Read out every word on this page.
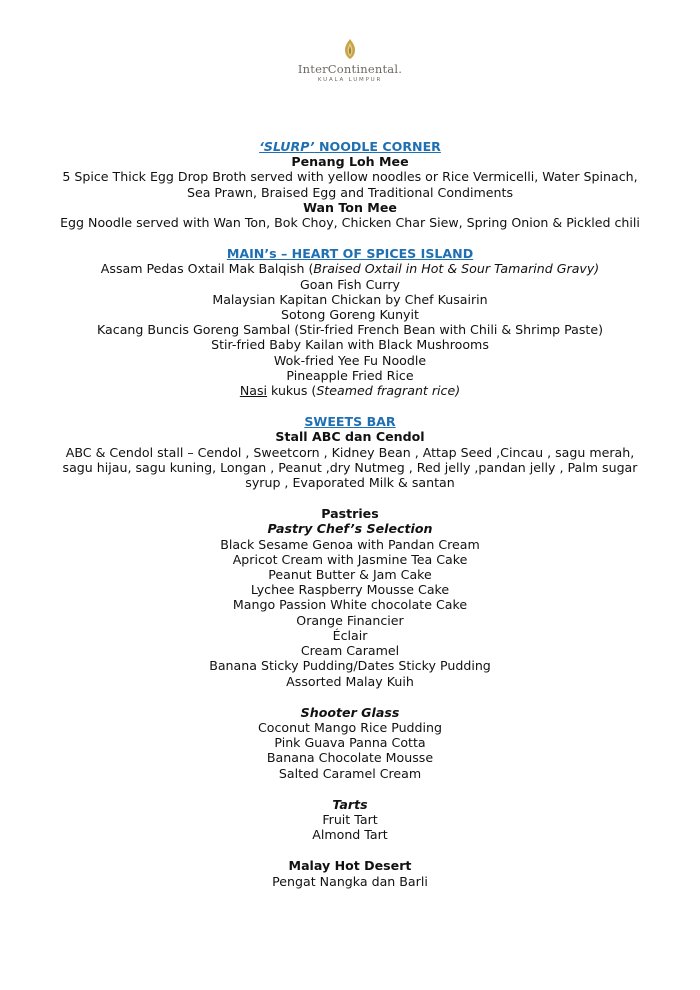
InterContinental.
KUALA LUMPUR
‘SLURP’ NOODLE CORNER
Penang Loh Mee
5 Spice Thick Egg Drop Broth served with yellow noodles or Rice Vermicelli, Water Spinach,
Sea Prawn, Braised Egg and Traditional Condiments
Wan Ton Mee
Egg Noodle served with Wan Ton, Bok Choy, Chicken Char Siew, Spring Onion & Pickled chili
MAIN’s – HEART OF SPICES ISLAND
Assam Pedas Oxtail Mak Balqish (Braised Oxtail in Hot & Sour Tamarind Gravy)
Goan Fish Curry
Malaysian Kapitan Chickan by Chef Kusairin
Sotong Goreng Kunyit
Kacang Buncis Goreng Sambal (Stir-fried French Bean with Chili & Shrimp Paste)
Stir-fried Baby Kailan with Black Mushrooms
Wok-fried Yee Fu Noodle
Pineapple Fried Rice
Nasi kukus (Steamed fragrant rice)
SWEETS BAR
Stall ABC dan Cendol
ABC & Cendol stall – Cendol , Sweetcorn , Kidney Bean , Attap Seed ,Cincau , sagu merah,
sagu hijau, sagu kuning, Longan , Peanut ,dry Nutmeg , Red jelly ,pandan jelly , Palm sugar
syrup , Evaporated Milk & santan
Pastries
Pastry Chef’s Selection
Black Sesame Genoa with Pandan Cream
Apricot Cream with Jasmine Tea Cake
Peanut Butter & Jam Cake
Lychee Raspberry Mousse Cake
Mango Passion White chocolate Cake
Orange Financier
Éclair
Cream Caramel
Banana Sticky Pudding/Dates Sticky Pudding
Assorted Malay Kuih
Shooter Glass
Coconut Mango Rice Pudding
Pink Guava Panna Cotta
Banana Chocolate Mousse
Salted Caramel Cream
Tarts
Fruit Tart
Almond Tart
Malay Hot Desert
Pengat Nangka dan Barli
